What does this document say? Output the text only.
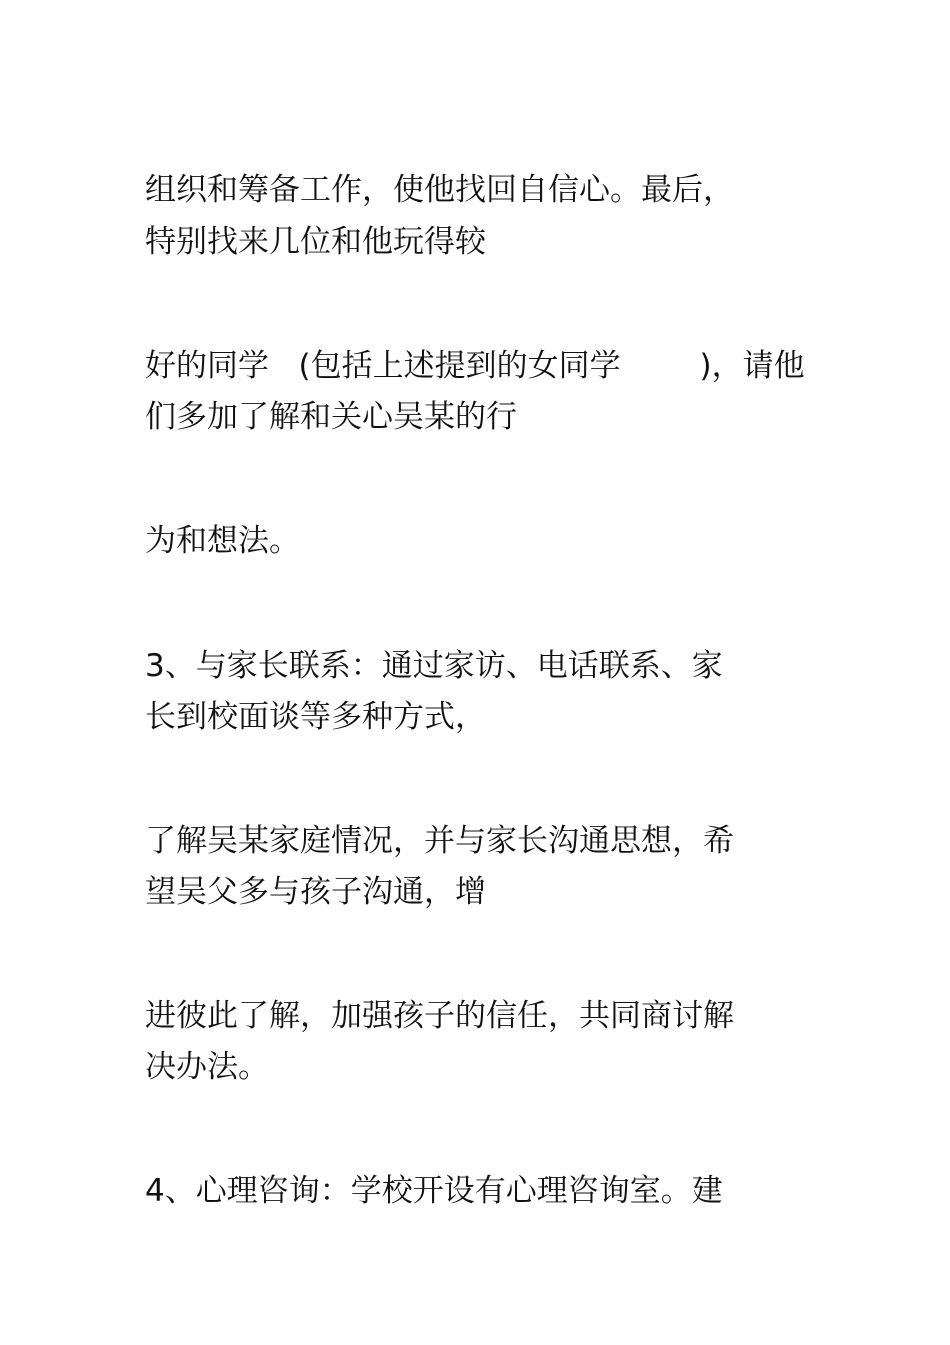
组织和筹备工作，使他找回自信心。最后，
特别找来几位和他玩得较
好的同学   (包括上述提到的女同学        )，请他
们多加了解和关心吴某的行
为和想法。
3、与家长联系：通过家访、电话联系、家
长到校面谈等多种方式，
了解吴某家庭情况，并与家长沟通思想，希
望吴父多与孩子沟通，增
进彼此了解，加强孩子的信任，共同商讨解
决办法。
4、心理咨询：学校开设有心理咨询室。建
